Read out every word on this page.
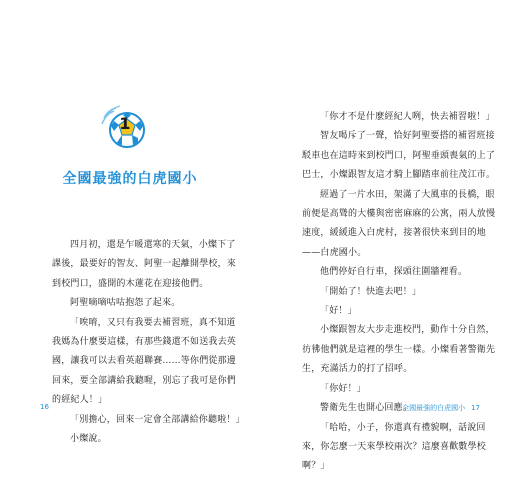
1
全國最強的白虎國小

四月初，還是乍暖還寒的天氣，小燦下了課後，最要好的智友、阿聖一起離開學校，來到校門口，盛開的木蓮花在迎接他們。

阿聖嘀嘀咕咕抱怨了起來。

「唉唷，又只有我要去補習班，真不知道我媽為什麼要這樣，有那些錢還不如送我去英國，讓我可以去看英超聯賽……等你們從那邊回來，要全部講給我聽喔，別忘了我可是你們的經紀人！」

「別擔心，回來一定會全部講給你聽啦！」

小燦說。

16

「你才不是什麼經紀人咧，快去補習啦！」

智友喝斥了一聲，恰好阿聖要搭的補習班接駁車也在這時來到校門口，阿聖垂頭喪氣的上了巴士，小燦跟智友這才騎上腳踏車前往茂江市。

經過了一片水田，架滿了大風車的長橋，眼前便是高聳的大樓與密密麻麻的公寓，兩人放慢速度，緩緩進入白虎村，接著很快來到目的地——白虎國小。

他們停好自行車，探頭往圍牆裡看。

「開始了！快進去吧！」

「好！」

小燦跟智友大步走進校門，動作十分自然，彷彿他們就是這裡的學生一樣。小燦看著警衛先生，充滿活力的打了招呼。

「你好！」

警衛先生也開心回應。

「哈哈，小子，你還真有禮貌啊，話說回來，你怎麼一天來學校兩次？這麼喜歡數學校啊？」

全國最強的白虎國小 17
